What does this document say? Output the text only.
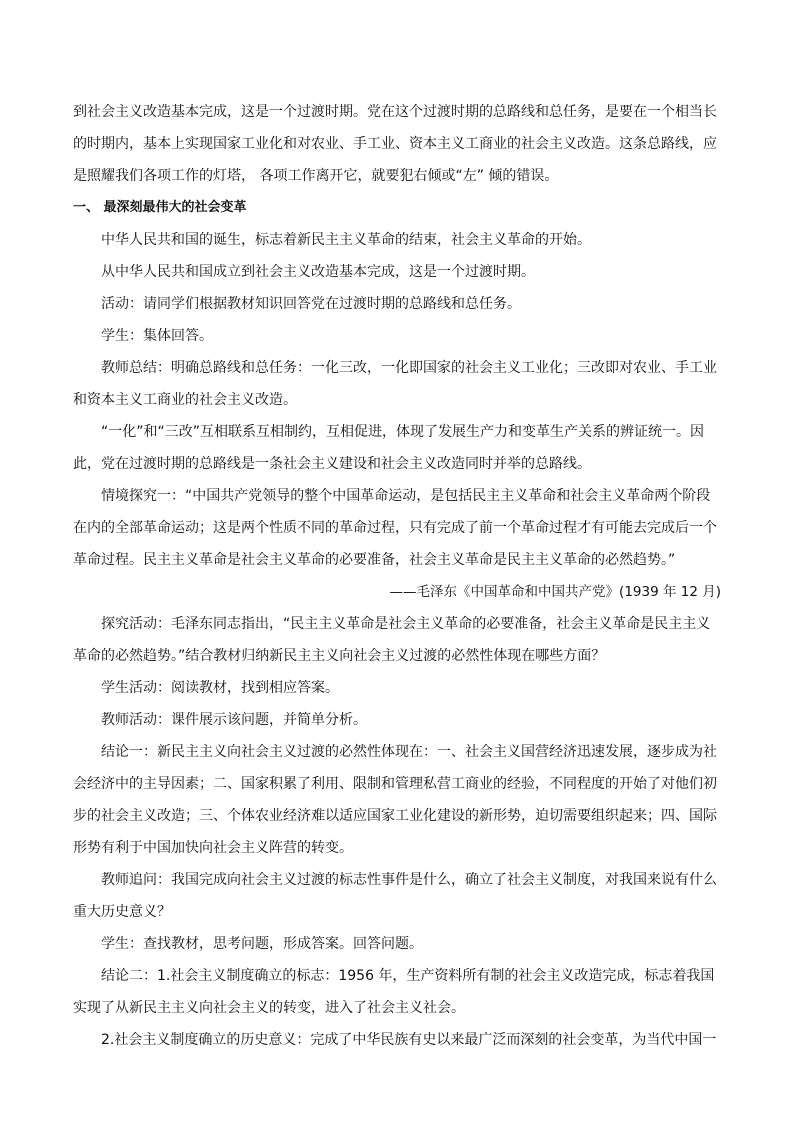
到社会主义改造基本完成，这是一个过渡时期。党在这个过渡时期的总路线和总任务，是要在一个相当长的时期内，基本上实现国家工业化和对农业、手工业、资本主义工商业的社会主义改造。这条总路线，应是照耀我们各项工作的灯塔， 各项工作离开它，就要犯右倾或“左” 倾的错误。

一、 最深刻最伟大的社会变革

中华人民共和国的诞生，标志着新民主主义革命的结束，社会主义革命的开始。

从中华人民共和国成立到社会主义改造基本完成，这是一个过渡时期。

活动：请同学们根据教材知识回答党在过渡时期的总路线和总任务。

学生：集体回答。

教师总结：明确总路线和总任务：一化三改，一化即国家的社会主义工业化；三改即对农业、手工业和资本主义工商业的社会主义改造。

“一化”和“三改”互相联系互相制约，互相促进，体现了发展生产力和变革生产关系的辨证统一。因此，党在过渡时期的总路线是一条社会主义建设和社会主义改造同时并举的总路线。

情境探究一：“中国共产党领导的整个中国革命运动，是包括民主主义革命和社会主义革命两个阶段在内的全部革命运动；这是两个性质不同的革命过程，只有完成了前一个革命过程才有可能去完成后一个革命过程。民主主义革命是社会主义革命的必要准备，社会主义革命是民主主义革命的必然趋势。”

——毛泽东《中国革命和中国共产党》(1939 年 12 月)

探究活动：毛泽东同志指出，“民主主义革命是社会主义革命的必要准备，社会主义革命是民主主义革命的必然趋势。”结合教材归纳新民主主义向社会主义过渡的必然性体现在哪些方面？

学生活动：阅读教材，找到相应答案。

教师活动：课件展示该问题，并简单分析。

结论一：新民主主义向社会主义过渡的必然性体现在：一、社会主义国营经济迅速发展，逐步成为社会经济中的主导因素；二、国家积累了利用、限制和管理私营工商业的经验，不同程度的开始了对他们初步的社会主义改造；三、个体农业经济难以适应国家工业化建设的新形势，迫切需要组织起来；四、国际形势有利于中国加快向社会主义阵营的转变。

教师追问：我国完成向社会主义过渡的标志性事件是什么，确立了社会主义制度，对我国来说有什么重大历史意义？

学生：查找教材，思考问题，形成答案。回答问题。

结论二：1.社会主义制度确立的标志：1956 年，生产资料所有制的社会主义改造完成，标志着我国实现了从新民主主义向社会主义的转变，进入了社会主义社会。

2.社会主义制度确立的历史意义：完成了中华民族有史以来最广泛而深刻的社会变革，为当代中国一
